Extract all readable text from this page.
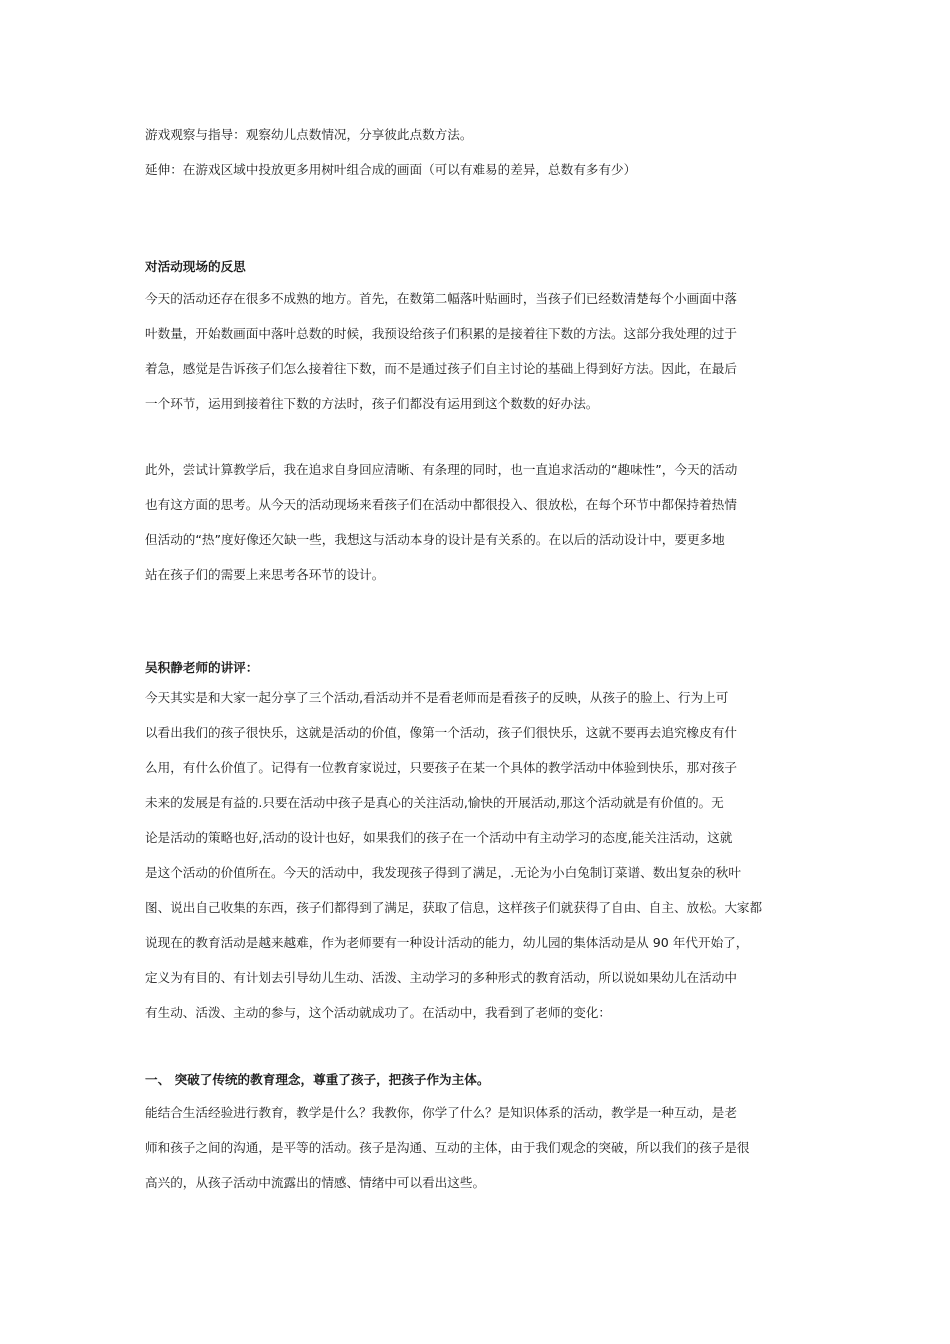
游戏观察与指导：观察幼儿点数情况，分享彼此点数方法。
延伸：在游戏区域中投放更多用树叶组合成的画面（可以有难易的差异，总数有多有少）
对活动现场的反思
今天的活动还存在很多不成熟的地方。首先，在数第二幅落叶贴画时，当孩子们已经数清楚每个小画面中落
叶数量，开始数画面中落叶总数的时候，我预设给孩子们积累的是接着往下数的方法。这部分我处理的过于
着急，感觉是告诉孩子们怎么接着往下数，而不是通过孩子们自主讨论的基础上得到好方法。因此，在最后
一个环节，运用到接着往下数的方法时，孩子们都没有运用到这个数数的好办法。
此外，尝试计算教学后，我在追求自身回应清晰、有条理的同时，也一直追求活动的“趣味性”，今天的活动
也有这方面的思考。从今天的活动现场来看孩子们在活动中都很投入、很放松，在每个环节中都保持着热情
但活动的“热”度好像还欠缺一些，我想这与活动本身的设计是有关系的。在以后的活动设计中，要更多地
站在孩子们的需要上来思考各环节的设计。
吴积静老师的讲评：
今天其实是和大家一起分享了三个活动,看活动并不是看老师而是看孩子的反映，从孩子的脸上、行为上可
以看出我们的孩子很快乐，这就是活动的价值，像第一个活动，孩子们很快乐，这就不要再去追究橡皮有什
么用，有什么价值了。记得有一位教育家说过，只要孩子在某一个具体的教学活动中体验到快乐，那对孩子
未来的发展是有益的.只要在活动中孩子是真心的关注活动,愉快的开展活动,那这个活动就是有价值的。无
论是活动的策略也好,活动的设计也好，如果我们的孩子在一个活动中有主动学习的态度,能关注活动，这就
是这个活动的价值所在。今天的活动中，我发现孩子得到了满足，.无论为小白兔制订菜谱、数出复杂的秋叶
图、说出自己收集的东西，孩子们都得到了满足，获取了信息，这样孩子们就获得了自由、自主、放松。大家都
说现在的教育活动是越来越难，作为老师要有一种设计活动的能力，幼儿园的集体活动是从 90 年代开始了，
定义为有目的、有计划去引导幼儿生动、活泼、主动学习的多种形式的教育活动，所以说如果幼儿在活动中
有生动、活泼、主动的参与，这个活动就成功了。在活动中，我看到了老师的变化：
一、 突破了传统的教育理念，尊重了孩子，把孩子作为主体。
能结合生活经验进行教育，教学是什么？我教你，你学了什么？是知识体系的活动，教学是一种互动，是老
师和孩子之间的沟通，是平等的活动。孩子是沟通、互动的主体，由于我们观念的突破，所以我们的孩子是很
高兴的，从孩子活动中流露出的情感、情绪中可以看出这些。
